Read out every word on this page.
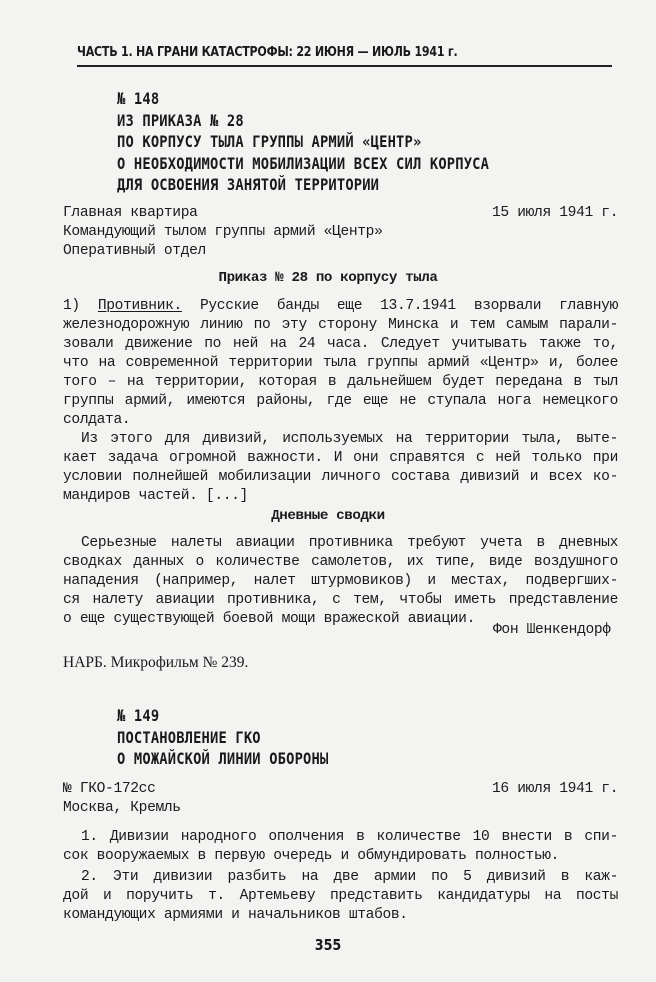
ЧАСТЬ 1. НА ГРАНИ КАТАСТРОФЫ: 22 ИЮНЯ — ИЮЛЬ 1941 г.
№ 148
ИЗ ПРИКАЗА № 28
ПО КОРПУСУ ТЫЛА ГРУППЫ АРМИЙ «ЦЕНТР»
О НЕОБХОДИМОСТИ МОБИЛИЗАЦИИ ВСЕХ СИЛ КОРПУСА
ДЛЯ ОСВОЕНИЯ ЗАНЯТОЙ ТЕРРИТОРИИ
Главная квартира
Командующий тылом группы армий «Центр»
Оперативный отдел
15 июля 1941 г.
Приказ № 28 по корпусу тыла
1) Противник. Русские банды еще 13.7.1941 взорвали главную
железнодорожную линию по эту сторону Минска и тем самым парали-
зовали движение по ней на 24 часа. Следует учитывать также то,
что на современной территории тыла группы армий «Центр» и, более
того – на территории, которая в дальнейшем будет передана в тыл
группы армий, имеются районы, где еще не ступала нога немецкого
солдата.
Из этого для дивизий, используемых на территории тыла, выте-
кает задача огромной важности. И они справятся с ней только при
условии полнейшей мобилизации личного состава дивизий и всех ко-
мандиров частей. [...]
Дневные сводки
Серьезные налеты авиации противника требуют учета в дневных
сводках данных о количестве самолетов, их типе, виде воздушного
нападения (например, налет штурмовиков) и местах, подвергших-
ся налету авиации противника, с тем, чтобы иметь представление
о еще существующей боевой мощи вражеской авиации.
Фон Шенкендорф
НАРБ. Микрофильм № 239.
№ 149
ПОСТАНОВЛЕНИЕ ГКО
О МОЖАЙСКОЙ ЛИНИИ ОБОРОНЫ
№ ГКО-172сс
Москва, Кремль
16 июля 1941 г.
1. Дивизии народного ополчения в количестве 10 внести в спи-
сок вооружаемых в первую очередь и обмундировать полностью.
2. Эти дивизии разбить на две армии по 5 дивизий в каж-
дой и поручить т. Артемьеву представить кандидатуры на посты
командующих армиями и начальников штабов.
355
